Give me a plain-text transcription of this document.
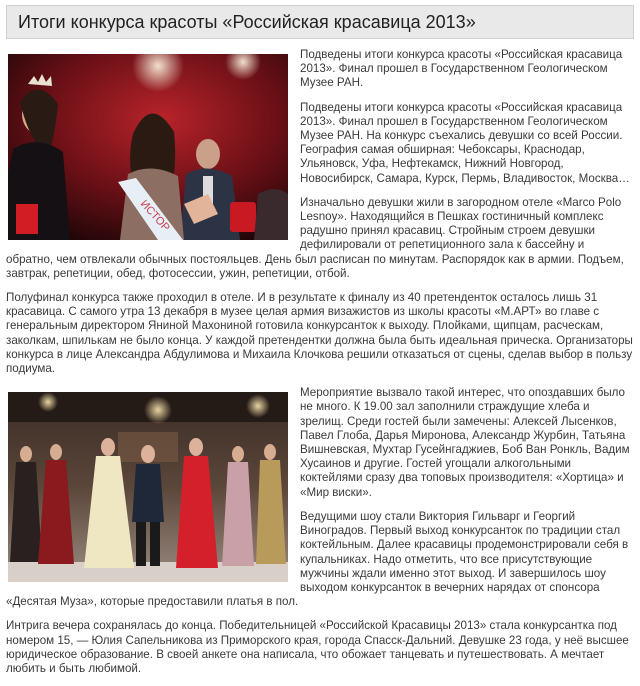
Итоги конкурса красоты «Российская красавица 2013»
ИСТОР

Подведены итоги конкурса красоты «Российская красавица 2013». Финал прошел в Государственном Геологическом Музее РАН.

Подведены итоги конкурса красоты «Российская красавица 2013». Финал прошел в Государственном Геологическом Музее РАН. На конкурс съехались девушки со всей России. География самая обширная: Чебоксары, Краснодар, Ульяновск, Уфа, Нефтекамск, Нижний Новгород, Новосибирск, Самара, Курск, Пермь, Владивосток, Москва…

Изначально девушки жили в загородном отеле «Marco Polo Lesnoy». Находящийся в Пешках гостиничный комплекс радушно принял красавиц. Стройным строем девушки дефилировали от репетиционного зала к бассейну и обратно, чем отвлекали обычных постояльцев. День был расписан по минутам. Распорядок как в армии. Подъем, завтрак, репетиции, обед, фотосессии, ужин, репетиции, отбой.

Полуфинал конкурса также проходил в отеле. И в результате к финалу из 40 претенденток осталось лишь 31 красавица. С самого утра 13 декабря в музее целая армия визажистов из школы красоты «М.АРТ» во главе с генеральным директором Яниной Махониной готовила конкурсанток к выходу. Плойками, щипцам, расческам, заколкам, шпилькам не было конца. У каждой претендентки должна была быть идеальная прическа. Организаторы конкурса в лице Александра Абдулимова и Михаила Клочкова решили отказаться от сцены, сделав выбор в пользу подиума.

Мероприятие вызвало такой интерес, что опоздавших было не много. К 19.00 зал заполнили страждущие хлеба и зрелищ. Среди гостей были замечены: Алексей Лысенков, Павел Глоба, Дарья Миронова, Александр Журбин, Татьяна Вишневская, Мухтар Гусейнгаджиев, Боб Ван Ронкль, Вадим Хусаинов и другие. Гостей угощали алкогольными коктейлями сразу два топовых производителя: «Хортица» и «Мир виски».

Ведущими шоу стали Виктория Гильварг и Георгий Виноградов. Первый выход конкурсанток по традиции стал коктейльным. Далее красавицы продемонстрировали себя в купальниках. Надо отметить, что все присутствующие мужчины ждали именно этот выход. И завершилось шоу выходом конкурсанток в вечерних нарядах от спонсора «Десятая Муза», которые предоставили платья в пол.

Интрига вечера сохранялась до конца. Победительницей «Российской Красавицы 2013» стала конкурсантка под номером 15, — Юлия Сапельникова из Приморского края, города Спасск-Дальний. Девушке 23 года, у неё высшее юридическое образование. В своей анкете она написала, что обожает танцевать и путешествовать. А мечтает любить и быть любимой.
